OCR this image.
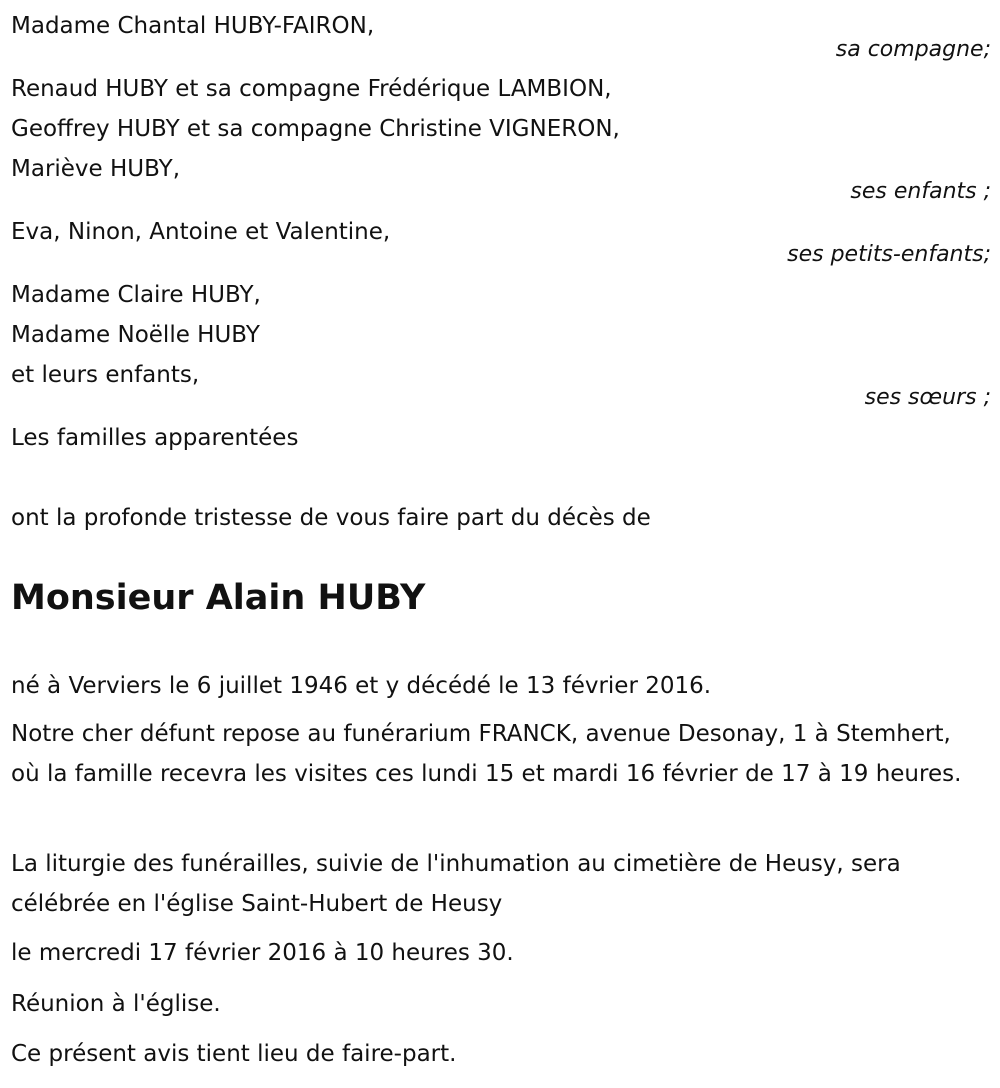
Madame Chantal HUBY-FAIRON,
sa compagne;
Renaud HUBY et sa compagne Frédérique LAMBION,
Geoffrey HUBY et sa compagne Christine VIGNERON,
Mariève HUBY,
ses enfants ;
Eva, Ninon, Antoine et Valentine,
ses petits-enfants;
Madame Claire HUBY,
Madame Noëlle HUBY
et leurs enfants,
ses sœurs ;
Les familles apparentées
ont la profonde tristesse de vous faire part du décès de
Monsieur Alain HUBY
né à Verviers le 6 juillet 1946 et y décédé le 13 février 2016.
Notre cher défunt repose au funérarium FRANCK, avenue Desonay, 1 à Stemhert, où la famille recevra les visites ces lundi 15 et mardi 16 février de 17 à 19 heures.
La liturgie des funérailles, suivie de l'inhumation au cimetière de Heusy, sera célébrée en l'église Saint-Hubert de Heusy
le mercredi 17 février 2016 à 10 heures 30.
Réunion à l'église.
Ce présent avis tient lieu de faire-part.
